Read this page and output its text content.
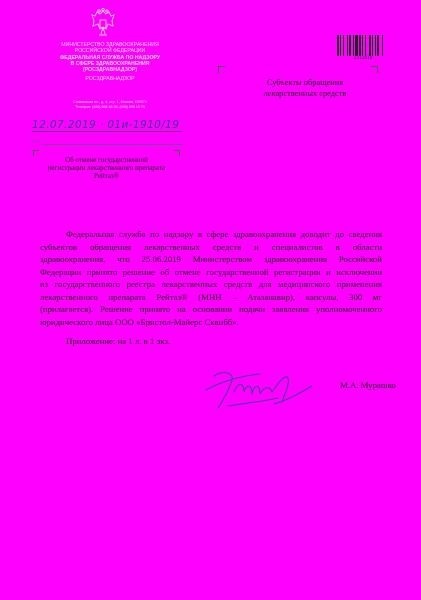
МИНИСТЕРСТВО ЗДРАВООХРАНЕНИЯ
РОССИЙСКОЙ ФЕДЕРАЦИИ
ФЕДЕРАЛЬНАЯ СЛУЖБА ПО НАДЗОРУ
В СФЕРЕ ЗДРАВООХРАНЕНИЯ
(РОСЗДРАВНАДЗОР)
РОСЗДРАВНАДЗОР
Славянская пл., д. 4, стр. 1, Москва, 109074
Телефон: (495) 698 45 38; (495) 698 15 74
12.07.2019 · 01и-1910/19
На №
2312018
Субъекты обращения
лекарственных средств
Об отмене государственной
регистрации лекарственного препарата
Рейтаз®
Федеральная служба по надзору в сфере здравоохранения доводит до сведения
субъектов обращения лекарственных средств и специалистов в области
здравоохранения, что 25.06.2019 Министерством здравоохранения Российской
Федерации принято решение об отмене государственной регистрации и исключении
из государственного реестра лекарственных средств для медицинского применения
лекарственного препарата Рейтаз® (МНН – Атазанавир), капсулы, 300 мг
(прилагается). Решение принято на основании подачи заявления уполномоченного
юридического лица ООО «Бристол-Майерс Сквибб».
Приложение: на 1 л. в 1 экз.
М.А. Мурашко
